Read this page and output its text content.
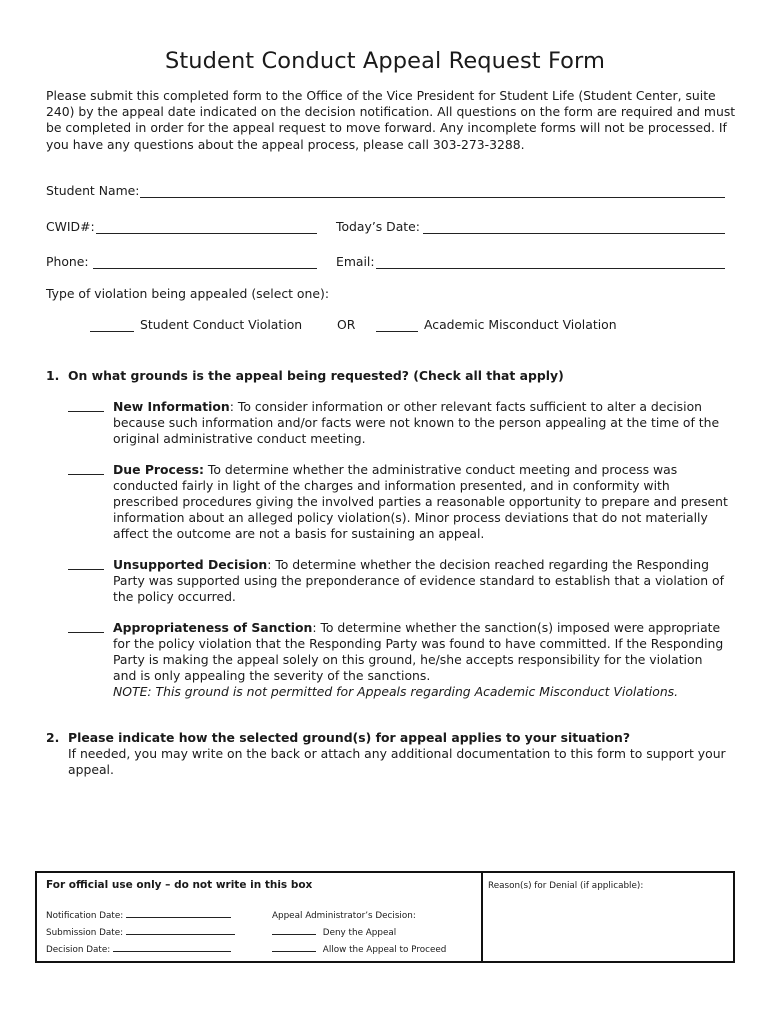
Student Conduct Appeal Request Form
Please submit this completed form to the Office of the Vice President for Student Life (Student Center, suite 240) by the appeal date indicated on the decision notification. All questions on the form are required and must be completed in order for the appeal request to move forward. Any incomplete forms will not be processed. If you have any questions about the appeal process, please call 303-273-3288.
Student Name:
CWID#:	Today’s Date:
Phone:	Email:
Type of violation being appealed (select one):
Student Conduct Violation	OR	Academic Misconduct Violation
1. On what grounds is the appeal being requested? (Check all that apply)
New Information: To consider information or other relevant facts sufficient to alter a decision because such information and/or facts were not known to the person appealing at the time of the original administrative conduct meeting.
Due Process: To determine whether the administrative conduct meeting and process was conducted fairly in light of the charges and information presented, and in conformity with prescribed procedures giving the involved parties a reasonable opportunity to prepare and present information about an alleged policy violation(s). Minor process deviations that do not materially affect the outcome are not a basis for sustaining an appeal.
Unsupported Decision: To determine whether the decision reached regarding the Responding Party was supported using the preponderance of evidence standard to establish that a violation of the policy occurred.
Appropriateness of Sanction: To determine whether the sanction(s) imposed were appropriate for the policy violation that the Responding Party was found to have committed. If the Responding Party is making the appeal solely on this ground, he/she accepts responsibility for the violation and is only appealing the severity of the sanctions.
NOTE: This ground is not permitted for Appeals regarding Academic Misconduct Violations.
2. Please indicate how the selected ground(s) for appeal applies to your situation?
If needed, you may write on the back or attach any additional documentation to this form to support your appeal.
For official use only – do not write in this box	Reason(s) for Denial (if applicable):
Notification Date:
Submission Date:
Decision Date:
Appeal Administrator’s Decision:
Deny the Appeal
Allow the Appeal to Proceed
